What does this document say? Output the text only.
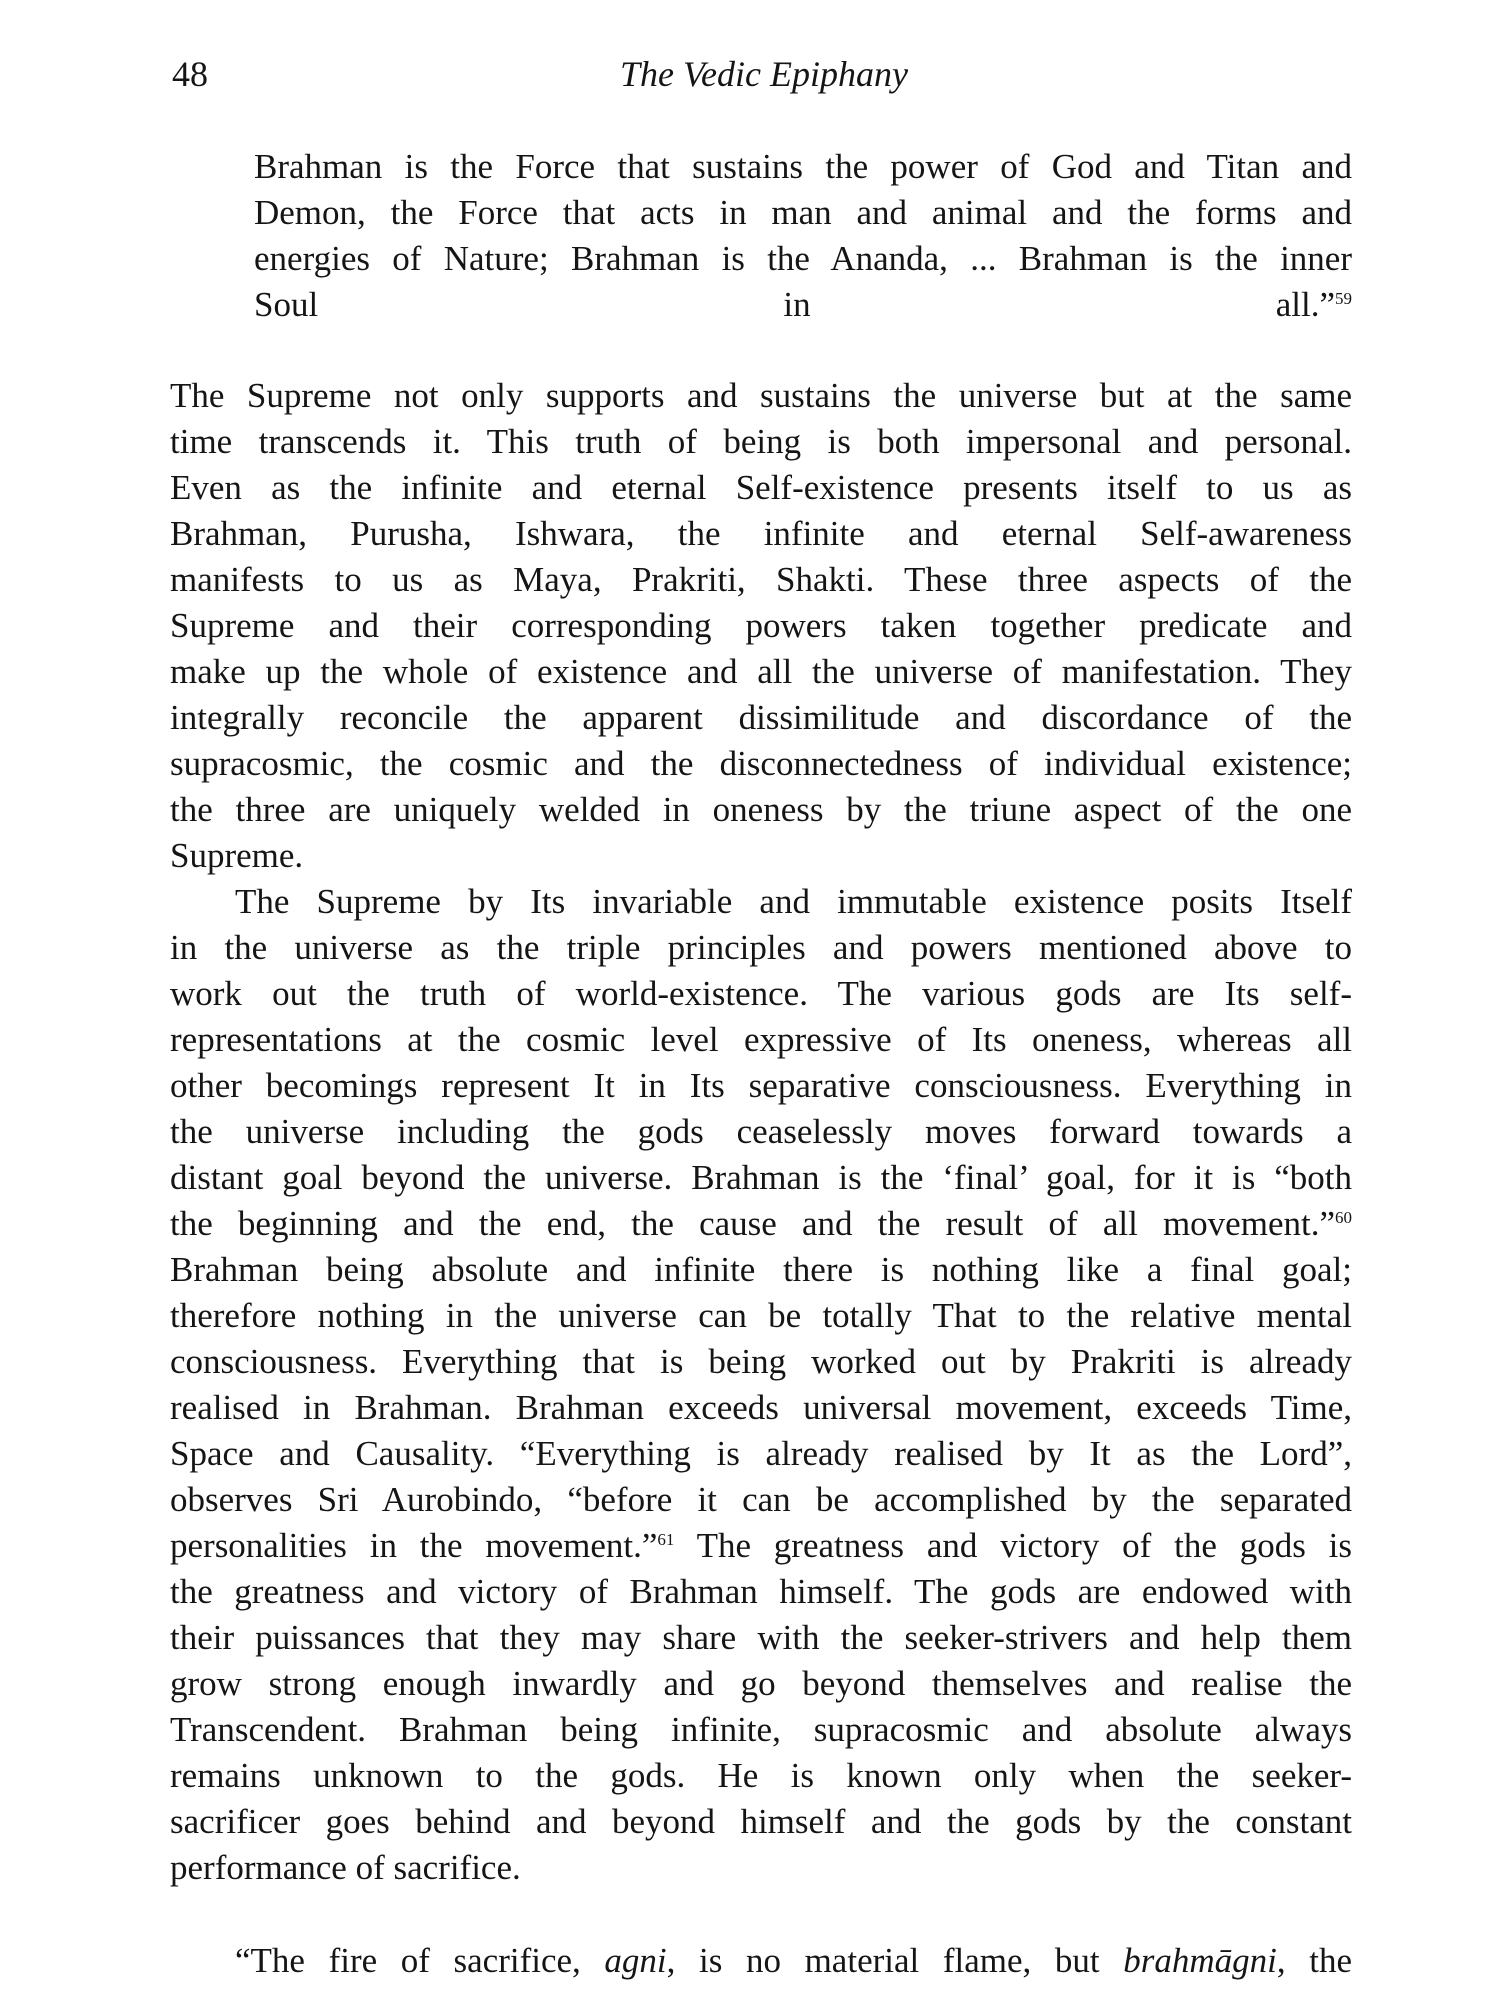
48	The Vedic Epiphany
Brahman is the Force that sustains the power of God and Titan and
Demon, the Force that acts in man and animal and the forms and
energies of Nature; Brahman is the Ananda, ... Brahman is the inner
Soul in all.”$^{59}$
The Supreme not only supports and sustains the universe but at the same
time transcends it. This truth of being is both impersonal and personal.
Even as the infinite and eternal Self-existence presents itself to us as
Brahman, Purusha, Ishwara, the infinite and eternal Self-awareness
manifests to us as Maya, Prakriti, Shakti. These three aspects of the
Supreme and their corresponding powers taken together predicate and
make up the whole of existence and all the universe of manifestation. They
integrally reconcile the apparent dissimilitude and discordance of the
supracosmic, the cosmic and the disconnectedness of individual existence;
the three are uniquely welded in oneness by the triune aspect of the one
Supreme.
The Supreme by Its invariable and immutable existence posits Itself
in the universe as the triple principles and powers mentioned above to
work out the truth of world-existence. The various gods are Its self-
representations at the cosmic level expressive of Its oneness, whereas all
other becomings represent It in Its separative consciousness. Everything in
the universe including the gods ceaselessly moves forward towards a
distant goal beyond the universe. Brahman is the ‘final’ goal, for it is “both
the beginning and the end, the cause and the result of all movement.”$^{60}$
Brahman being absolute and infinite there is nothing like a final goal;
therefore nothing in the universe can be totally That to the relative mental
consciousness. Everything that is being worked out by Prakriti is already
realised in Brahman. Brahman exceeds universal movement, exceeds Time,
Space and Causality. “Everything is already realised by It as the Lord”,
observes Sri Aurobindo, “before it can be accomplished by the separated
personalities in the movement.”$^{61}$ The greatness and victory of the gods is
the greatness and victory of Brahman himself. The gods are endowed with
their puissances that they may share with the seeker-strivers and help them
grow strong enough inwardly and go beyond themselves and realise the
Transcendent. Brahman being infinite, supracosmic and absolute always
remains unknown to the gods. He is known only when the seeker-
sacrificer goes behind and beyond himself and the gods by the constant
performance of sacrifice.
“The fire of sacrifice, agni, is no material flame, but brahmāgni, the
